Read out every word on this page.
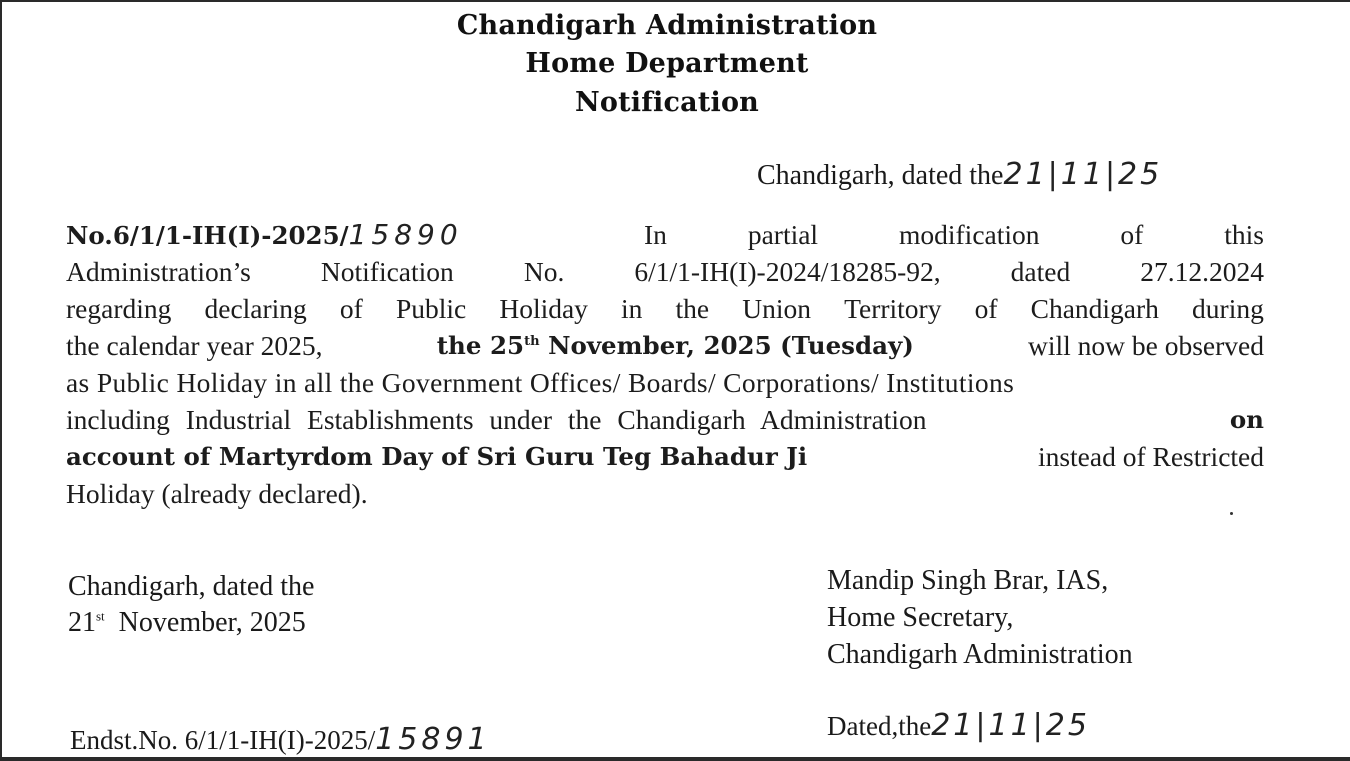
Chandigarh Administration
Home Department
Notification
Chandigarh, dated the21|11|25
No.6/1/1-IH(I)-2025/15890	In	partial	modification	of	this
Administration’s	Notification	No.	6/1/1-IH(I)-2024/18285-92,	dated	27.12.2024
regarding declaring of Public Holiday in the Union Territory of Chandigarh during
the calendar year 2025,	the 25th November, 2025 (Tuesday)	will now be observed
as Public Holiday in all the Government Offices/ Boards/ Corporations/ Institutions
including Industrial Establishments under the Chandigarh Administration	on
account of Martyrdom Day of Sri Guru Teg Bahadur Ji	instead of Restricted
Holiday (already declared).
Chandigarh, dated the
21st November, 2025
Mandip Singh Brar, IAS,
Home Secretary,
Chandigarh Administration
Endst.No. 6/1/1-IH(I)-2025/15891	Dated,the21|11|25
